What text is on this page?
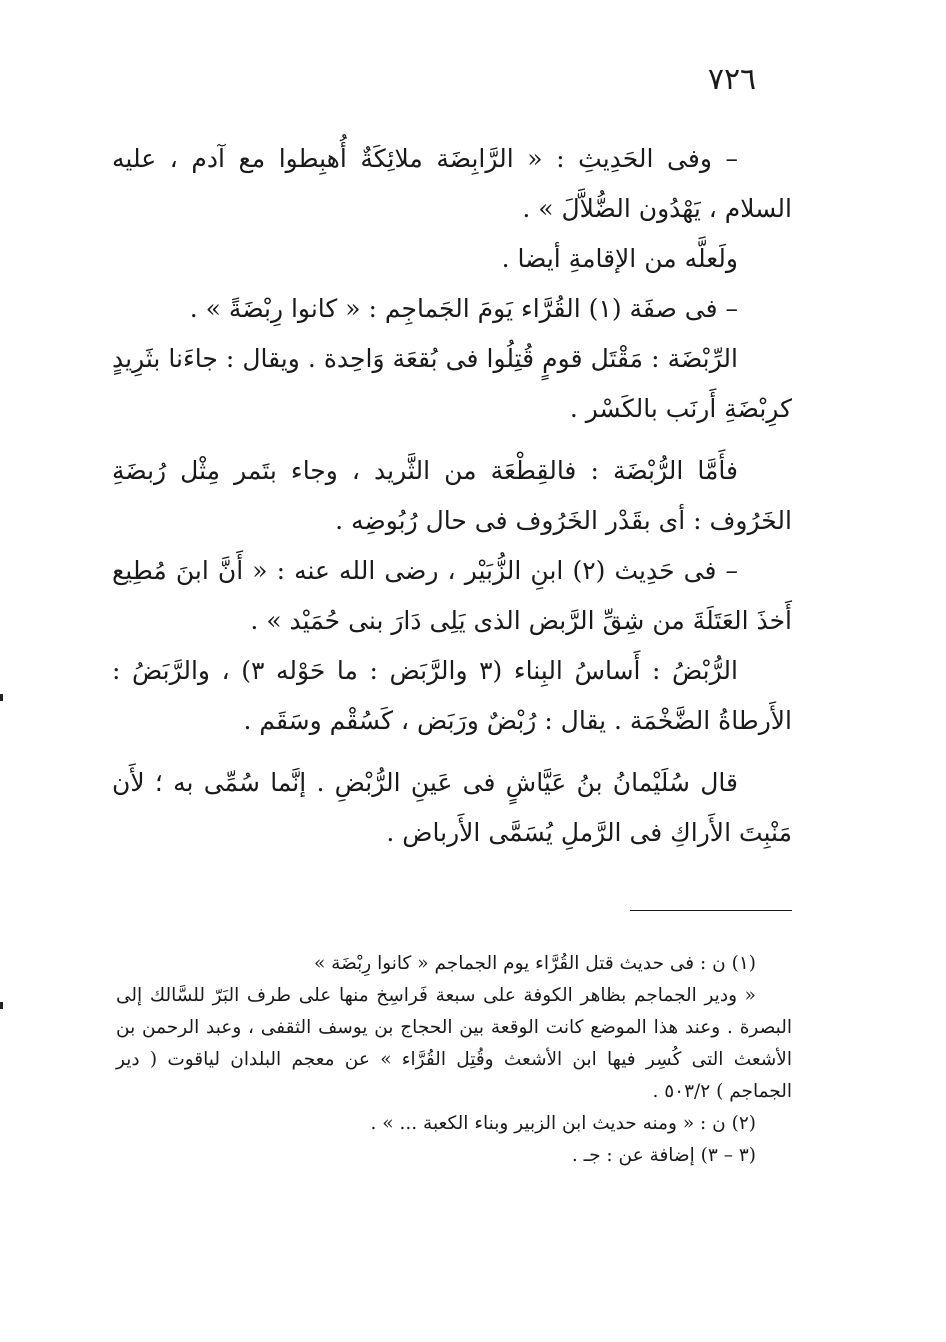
٧٢٦

– وفى الحَدِيثِ : « الرَّابِضَة ملائِكَةٌ أُهبِطوا مع آدم ، عليه السلام ، يَهْدُون الضُّلاَّلَ » .

ولَعلَّه من الإقامةِ أيضا .

– فى صفَة (١) القُرَّاء يَومَ الجَماجِم : « كانوا رِبْضَةً » .

الرِّبْضَة : مَقْتَل قومٍ قُتِلُوا فى بُقعَة وَاحِدة . ويقال : جاءَنا بثَرِيدٍ كرِبْضَةِ أَرنَب بالكَسْر .

فأَمَّا الرُّبْضَة : فالقِطْعَة من الثَّريد ، وجاء بتَمر مِثْل رُبضَةِ الخَرُوف : أى بقَدْر الخَرُوف فى حال رُبُوضِه .

– فى حَدِيث (٢) ابنِ الزُّبَيْر ، رضى الله عنه : « أَنَّ ابنَ مُطِيع أَخذَ العَتَلَةَ من شِقِّ الرَّبض الذى يَلِى دَارَ بنى حُمَيْد » .

الرُّبْضُ : أَساسُ البِناء (٣ والرَّبَض : ما حَوْله ٣) ، والرَّبَضُ : الأَرطاةُ الضَّخْمَة . يقال : رُبْضٌ ورَبَض ، كَسُقْم وسَقَم .

قال سُلَيْمانُ بنُ عَيَّاشٍ فى عَينِ الرُّبْضِ . إنَّما سُمِّى به ؛ لأَن مَنْبِتَ الأَراكِ فى الرَّملِ يُسَمَّى الأَرباض .

(١) ن : فى حديث قتل القُرَّاء يوم الجماجم « كانوا رِبْضَة »

« ودير الجماجم بظاهر الكوفة على سبعة فَراسِخ منها على طرف البَرّ للسَّالك إلى البصرة . وعند هذا الموضع كانت الوقعة بين الحجاج بن يوسف الثقفى ، وعبد الرحمن بن الأشعث التى كُسِر فيها ابن الأشعث وقُتِل القُرَّاء » عن معجم البلدان لياقوت ( دير الجماجم ) ٥٠٣/٢ .

(٢) ن : « ومنه حديث ابن الزبير وبناء الكعبة ... » .

(٣ – ٣) إضافة عن : جـ .
